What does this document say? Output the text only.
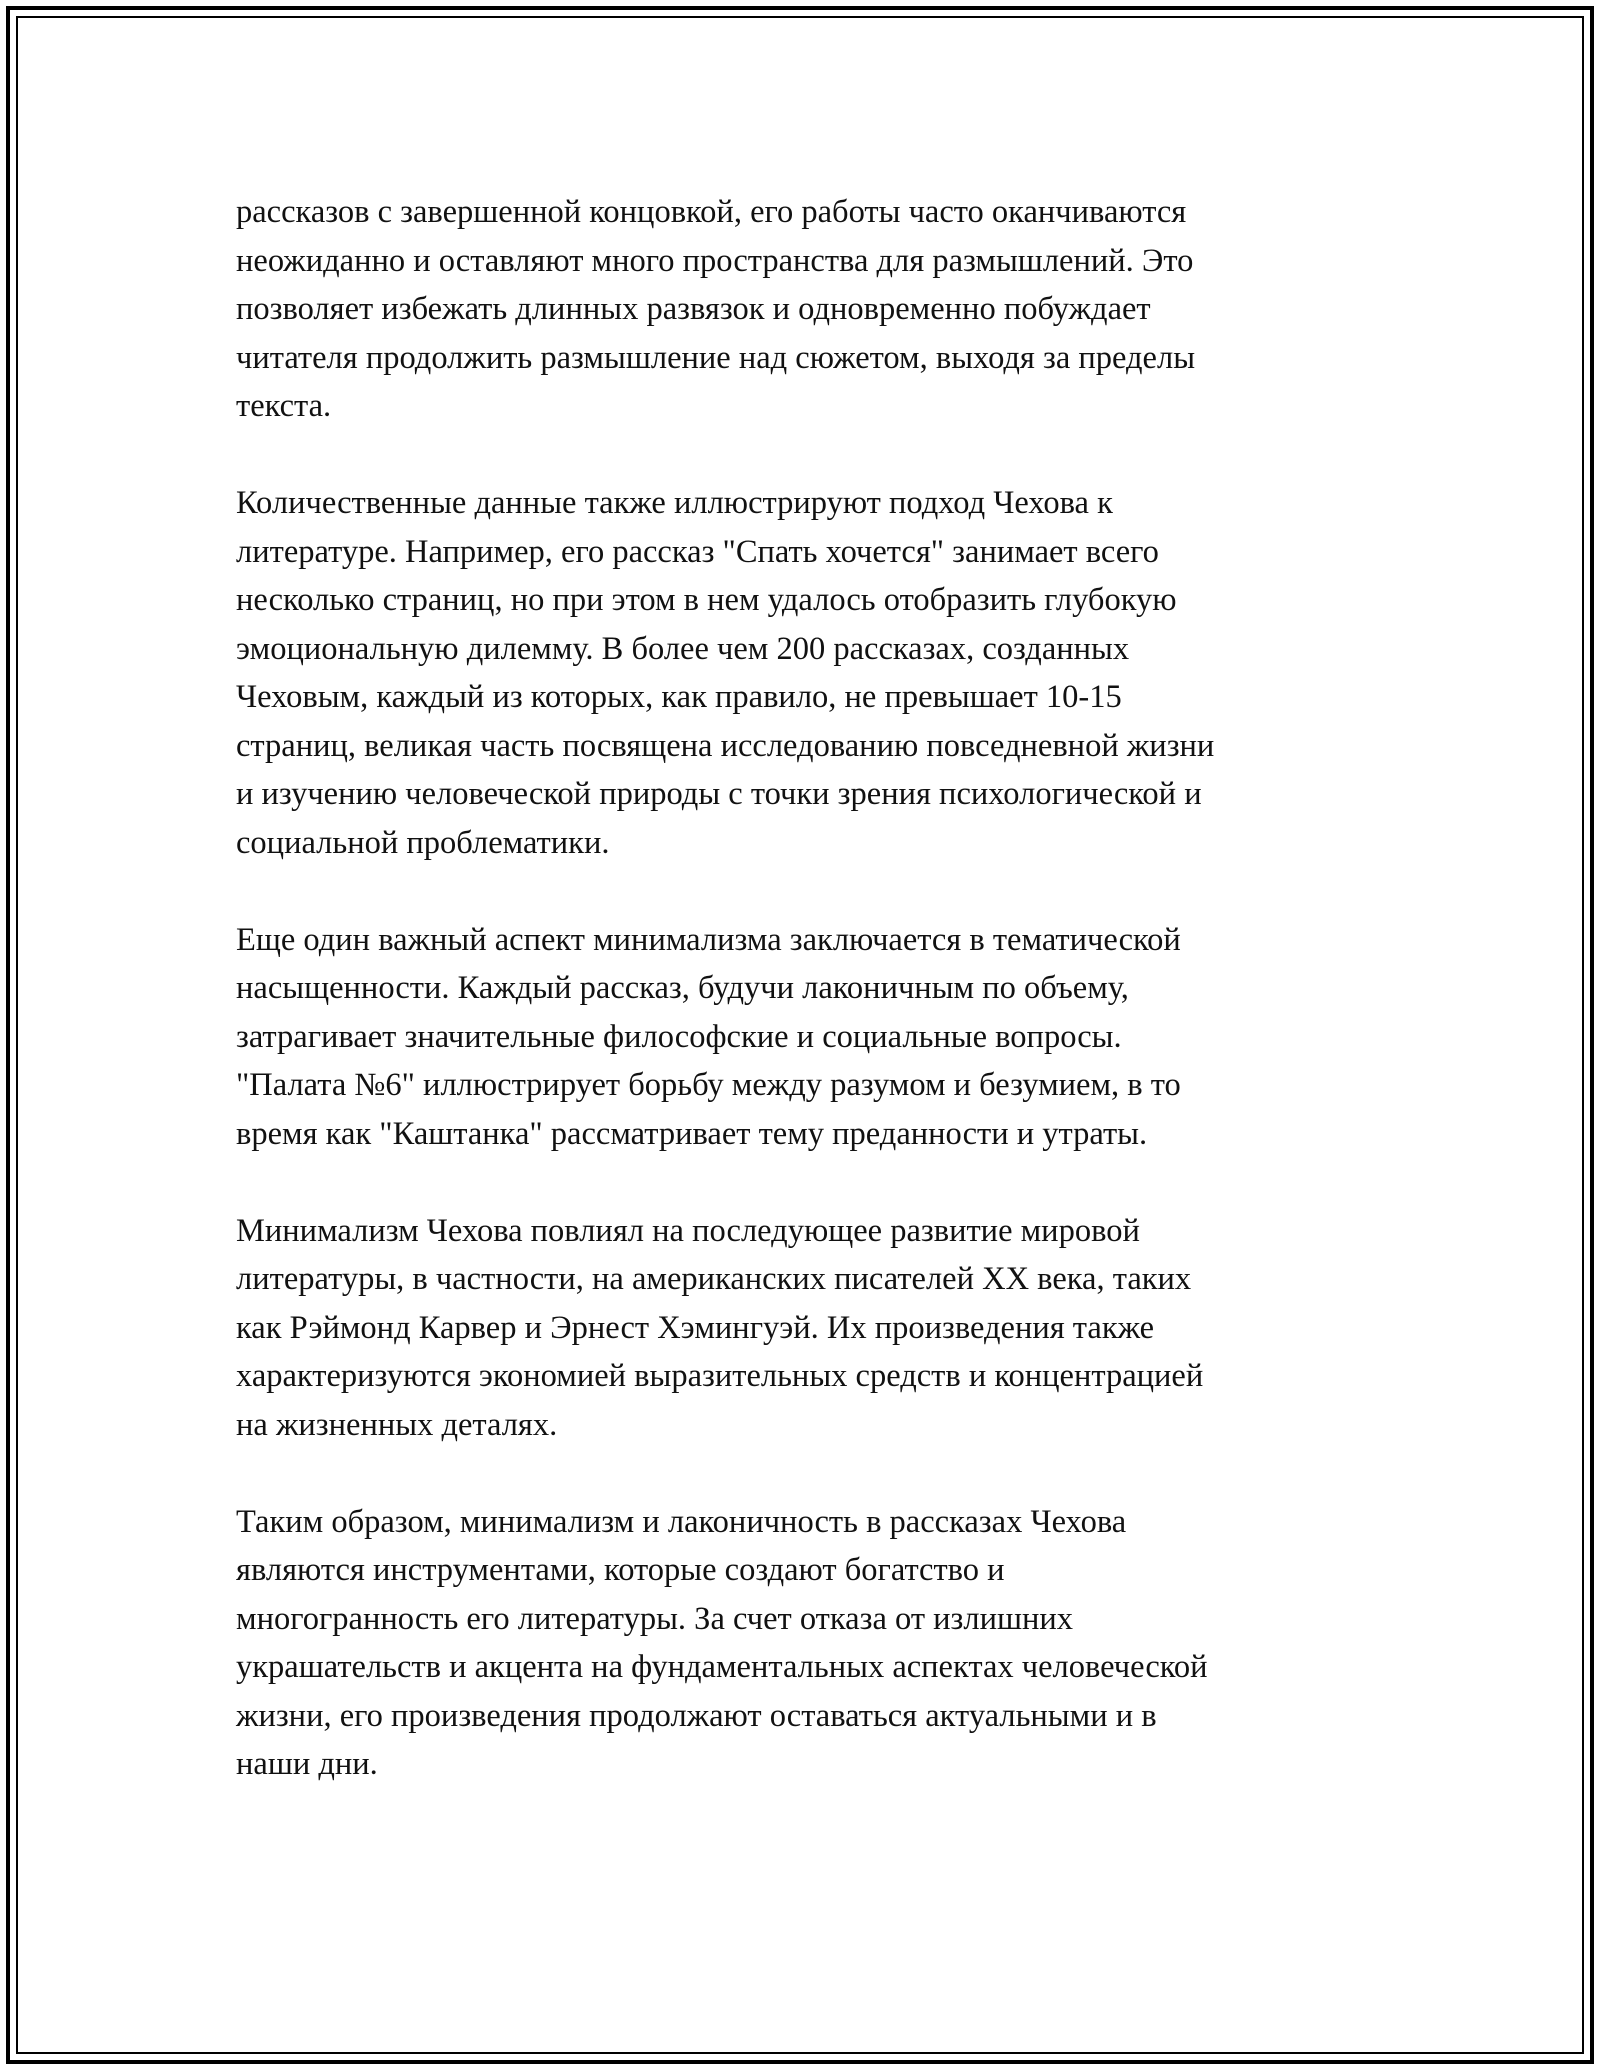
рассказов с завершенной концовкой, его работы часто оканчиваются
неожиданно и оставляют много пространства для размышлений. Это
позволяет избежать длинных развязок и одновременно побуждает
читателя продолжить размышление над сюжетом, выходя за пределы
текста.

Количественные данные также иллюстрируют подход Чехова к
литературе. Например, его рассказ "Спать хочется" занимает всего
несколько страниц, но при этом в нем удалось отобразить глубокую
эмоциональную дилемму. В более чем 200 рассказах, созданных
Чеховым, каждый из которых, как правило, не превышает 10-15
страниц, великая часть посвящена исследованию повседневной жизни
и изучению человеческой природы с точки зрения психологической и
социальной проблематики.

Еще один важный аспект минимализма заключается в тематической
насыщенности. Каждый рассказ, будучи лаконичным по объему,
затрагивает значительные философские и социальные вопросы.
"Палата №6" иллюстрирует борьбу между разумом и безумием, в то
время как "Каштанка" рассматривает тему преданности и утраты.

Минимализм Чехова повлиял на последующее развитие мировой
литературы, в частности, на американских писателей XX века, таких
как Рэймонд Карвер и Эрнест Хэмингуэй. Их произведения также
характеризуются экономией выразительных средств и концентрацией
на жизненных деталях.

Таким образом, минимализм и лаконичность в рассказах Чехова
являются инструментами, которые создают богатство и
многогранность его литературы. За счет отказа от излишних
украшательств и акцента на фундаментальных аспектах человеческой
жизни, его произведения продолжают оставаться актуальными и в
наши дни.
